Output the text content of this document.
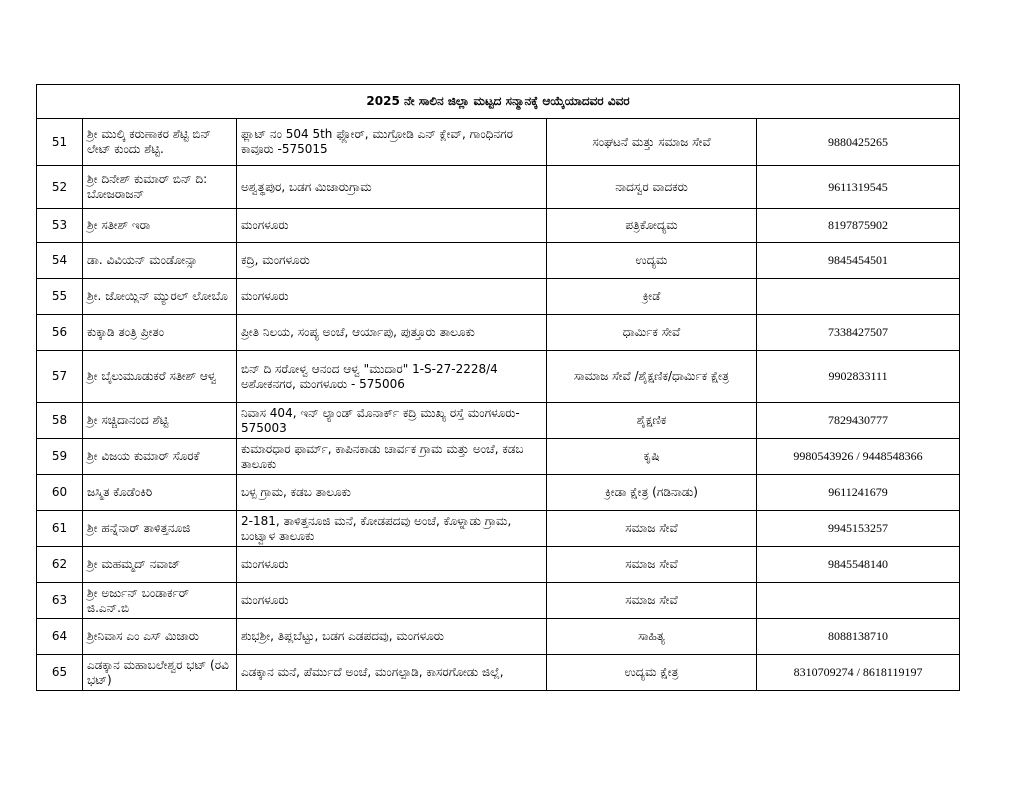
2025 ನೇ ಸಾಲಿನ ಜಿಲ್ಲಾ ಮಟ್ಟದ ಸನ್ಮಾನಕ್ಕೆ ಆಯ್ಕೆಯಾದವರ ವಿವರ				
51	ಶ್ರೀ ಮುಲ್ಕಿ ಕರುಣಾಕರ ಶೆಟ್ಟಿ ಬಿನ್ ಲೇಟ್ ಕುಂದು ಶೆಟ್ಟಿ.	ಫ್ಲಾಟ್ ನಂ 504 5th ಫ್ಲೋರ್, ಮುಗ್ರೋಡಿ ಎನ್ ಕ್ಲೇವ್, ಗಾಂಧಿನಗರ ಕಾವೂರು -575015	ಸಂಘಟನೆ ಮತ್ತು ಸಮಾಜ ಸೇವೆ	9880425265
52	ಶ್ರೀ ದಿನೇಶ್ ಕುಮಾರ್ ಬಿನ್ ದಿ: ಬೋಜರಾಜನ್	ಅಶ್ವತ್ಥಪುರ, ಬಡಗ ಮಿಜಾರುಗ್ರಾಮ	ನಾದಸ್ವರ ವಾದಕರು	9611319545
53	ಶ್ರೀ ಸತೀಶ್ ಇರಾ	ಮಂಗಳೂರು	ಪತ್ರಿಕೋದ್ಯಮ	8197875902
54	ಡಾ. ವಿವಿಯನ್ ಮಂಡೋನ್ಸಾ	ಕದ್ರಿ, ಮಂಗಳೂರು	ಉದ್ಯಮ	9845454501
55	ಶ್ರೀ. ಜೋಯ್ಲಿನ್ ಮ್ಯುರಲ್ ಲೋಬೊ	ಮಂಗಳೂರು	ಕ್ರೀಡೆ	
56	ಕುಕ್ಕಾಡಿ ತಂತ್ರಿ ಪ್ರೀತಂ	ಪ್ರೀತಿ ನಿಲಯ, ಸಂಪ್ಯ ಅಂಚೆ, ಆರ್ಯಾಪು, ಪುತ್ತೂರು ತಾಲೂಕು	ಧಾರ್ಮಿಕ ಸೇವೆ	7338427507
57	ಶ್ರೀ ಬೈಲುಮೂಡುಕರೆ ಸತೀಶ್ ಆಳ್ವ	ಬಿನ್ ದಿ ಸರೋಳ್ವ ಆನಂದ ಆಳ್ವ "ಮುದಾರ" 1-S-27-2228/4 ಅಶೋಕನಗರ, ಮಂಗಳೂರು - 575006	ಸಾಮಾಜ ಸೇವೆ /ಶೈಕ್ಷಣಿಕ/ಧಾರ್ಮಿಕ ಕ್ಷೇತ್ರ	9902833111
58	ಶ್ರೀ ಸಚ್ಚಿದಾನಂದ ಶೆಟ್ಟಿ	ನಿವಾಸ 404, ಇನ್ ಲ್ಯಾಂಡ್ ಮೊನಾರ್ಕ್ ಕದ್ರಿ ಮುಖ್ಯ ರಸ್ತೆ ಮಂಗಳೂರು- 575003	ಶೈಕ್ಷಣಿಕ	7829430777
59	ಶ್ರೀ ವಿಜಯ ಕುಮಾರ್ ಸೊರಕೆ	ಕುಮಾರಧಾರ ಫಾರ್ಮ್, ಕಾಪಿನಕಾಡು ಚಾರ್ವಕ ಗ್ರಾಮ ಮತ್ತು ಅಂಚೆ, ಕಡಬ ತಾಲೂಕು	ಕೃಷಿ	9980543926 / 9448548366
60	ಜಸ್ಮಿತ ಕೊಡೆಂಕಿರಿ	ಬಳ್ಪ ಗ್ರಾಮ, ಕಡಬ ತಾಲೂಕು	ಕ್ರೀಡಾ ಕ್ಷೇತ್ರ (ಗಡಿನಾಡು)	9611241679
61	ಶ್ರೀ ಹನ್ನೆನಾರ್ ತಾಳಿತ್ತನೂಜಿ	2-181, ತಾಳಿತ್ತನೂಜಿ ಮನೆ, ಕೋಡಪದವು ಅಂಚೆ, ಕೊಳ್ನಾಡು ಗ್ರಾಮ, ಬಂಟ್ವಾಳ ತಾಲೂಕು	ಸಮಾಜ ಸೇವೆ	9945153257
62	ಶ್ರೀ ಮಹಮ್ಮದ್ ನವಾಜ್	ಮಂಗಳೂರು	ಸಮಾಜ ಸೇವೆ	9845548140
63	ಶ್ರೀ ಅರ್ಜುನ್ ಬಂಡಾರ್ಕರ್ ಜಿ.ಎನ್.ಬಿ	ಮಂಗಳೂರು	ಸಮಾಜ ಸೇವೆ	
64	ಶ್ರೀನಿವಾಸ ಎಂ ಎಸ್ ಮಿಜಾರು	ಶುಭಶ್ರೀ, ತಿಪ್ಲಬೆಟ್ಟು, ಬಡಗ ಎಡಪದವು, ಮಂಗಳೂರು	ಸಾಹಿತ್ಯ	8088138710
65	ಎಡಕ್ಕಾನ ಮಹಾಬಲೇಶ್ವರ ಭಟ್ (ರವಿ ಭಟ್)	ಎಡಕ್ಕಾನ ಮನೆ, ಪೆರ್ಮುದೆ ಅಂಚೆ, ಮಂಗಲ್ಪಾಡಿ, ಕಾಸರಗೋಡು ಜಿಲ್ಲೆ,	ಉದ್ಯಮ ಕ್ಷೇತ್ರ	8310709274 / 8618119197
